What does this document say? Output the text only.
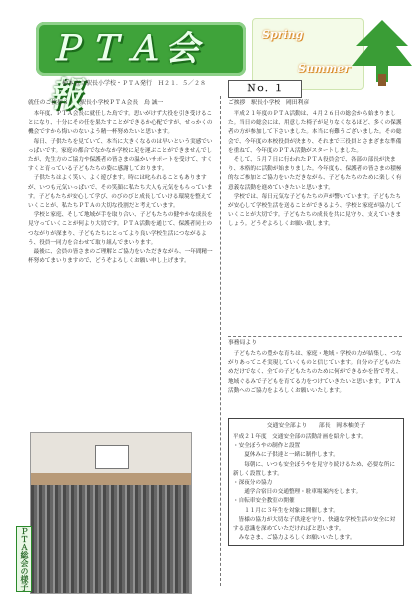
ＰＴＡ会報
桶本市立駅長小学校・ＰＴＡ発行　Ｈ２１．５／２８
Spring
Summer
Ｎｏ．１
就任のご挨拶３　　駅長小学校ＰＴＡ会長　鳥 誠一

本年度、ＰＴＡ会長に就任した鳥です。思いがけず大役を引き受けることになり、十分にその任を果たすことができるか心配ですが、せっかくの機会ですから悔いのないよう精一杯努めたいと思います。

毎日、子供たちを見ていて、本当に大きくなるのは早いという実感でいっぱいです。家庭の都合でなかなか学校に足を運ぶことができませんでしたが、先生方のご協力や保護者の皆さまの温かいサポートを受けて、すくすくと育っている子どもたちの姿に感謝しております。

子供たちはよく笑い、よく遊びます。時には叱られることもありますが、いつも元気いっぱいで、その笑顔に私たち大人も元気をもらっています。子どもたちが安心して学び、のびのびと成長していける環境を整えていくことが、私たちＰＴＡの大切な役割だと考えています。

学校と家庭、そして地域が手を取り合い、子どもたちの健やかな成長を見守っていくことが何より大切です。ＰＴＡ活動を通じて、保護者同士のつながりが深まり、子どもたちにとってより良い学校生活につながるよう、役員一同力を合わせて取り組んでまいります。

最後に、会員の皆さまのご理解とご協力をいただきながら、一年間精一杯努めてまいりますので、どうぞよろしくお願い申し上げます。

ＰＴＡ総会の様子
ご挨拶　駅長小学校　岡田利彦

平成２１年度のＰＴＡ活動は、４月２６日の総会から始まりました。当日の総会には、用意した椅子が足りなくなるほど、多くの保護者の方が参加して下さいました。本当に有難うございました。その総会で、今年度の本校役員が決まり、それまで三役員とさまざまな準備を重ねて、今年度のＰＴＡ活動がスタートしました。

そして、５月７日に行われたＰＴＡ役員会で、各部の部長が決まり、本格的に活動が始まりました。今年度も、保護者の皆さまの積極的なご参加とご協力をいただきながら、子どもたちのために楽しく有意義な活動を進めていきたいと思います。

学校では、毎日元気な子どもたちの声が響いています。子どもたちが安心して学校生活を送ることができるよう、学校と家庭が協力していくことが大切です。子どもたちの成長を共に見守り、支えていきましょう。どうぞよろしくお願い致します。

事務局より

子どもたちの豊かな育ちは、家庭・地域・学校の力が結集し、つながりあってこそ実現していくものと信じています。自分の子どものためだけでなく、全ての子どもたちのために何ができるかを皆で考え、地域ぐるみで子どもを育てる力をつけていきたいと思います。ＰＴＡ活動へのご協力をよろしくお願いいたします。

交通安全部より　　部長　岡本柚美子

平成２１年度　交通安全部の活動計画を紹介します。

・安全ぼうやの制作と設置

　　夏休みに子供達と一緒に制作します。

　　毎朝に、いつも安全ぼうやを見守り続けるため、必要な所に新しく設置します。

・深夜分の協力

　　通学合宿日の交通整理・駐車場案内をします。

・自転車安全教室の開催

　　１１月に３年生を対象に開催します。

　皆様の協力が大切な子供達を守り、快適な学校生活の安全に対する意識を深めていただければと思います。

　みなさま、ご協力よろしくお願いいたします。
